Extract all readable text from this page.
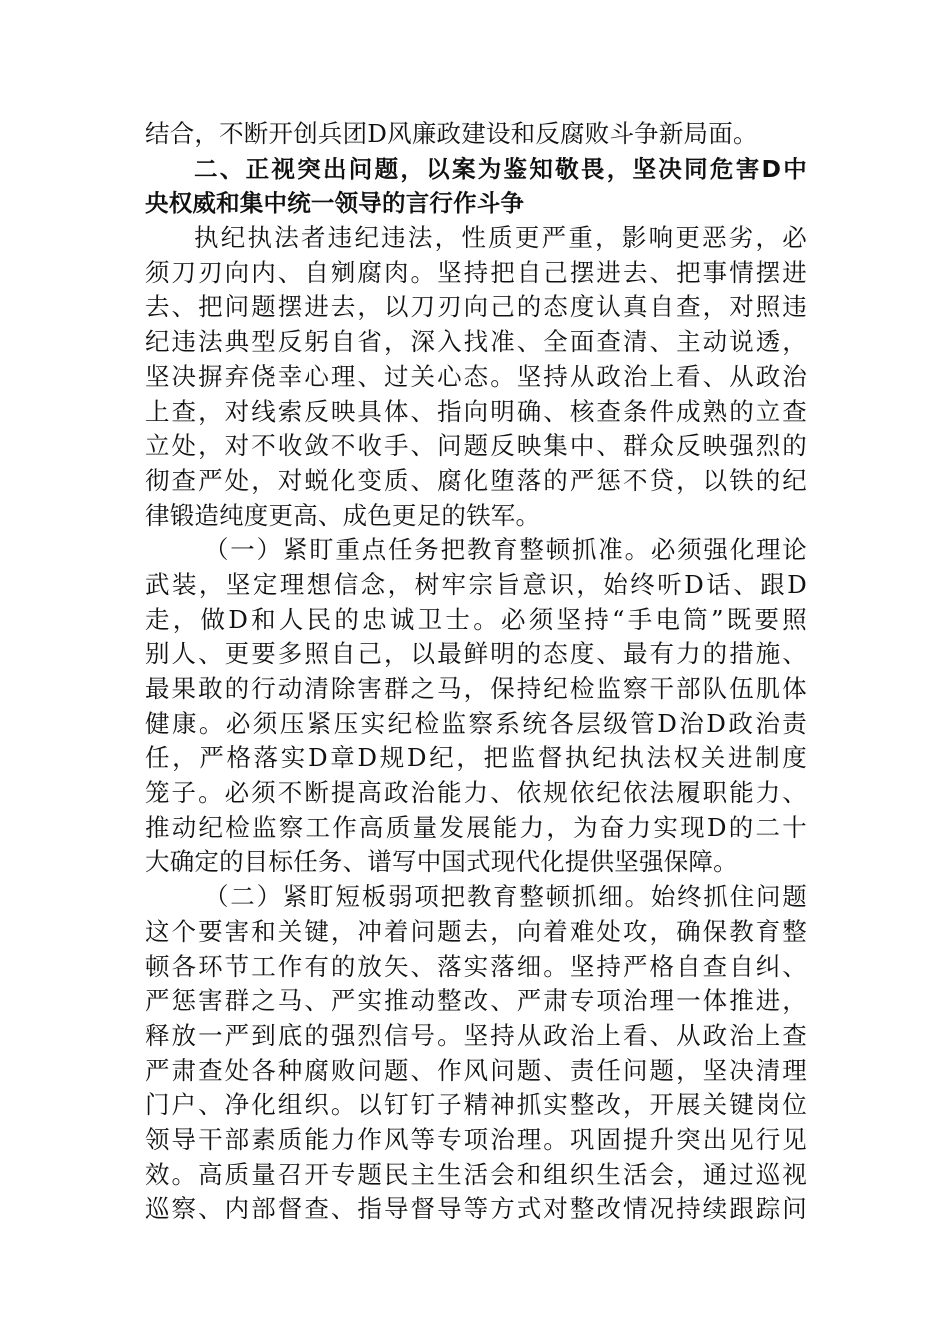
结合，不断开创兵团D风廉政建设和反腐败斗争新局面。
二、正视突出问题，以案为鉴知敬畏，坚决同危害D中
央权威和集中统一领导的言行作斗争
执纪执法者违纪违法，性质更严重，影响更恶劣，必
须刀刃向内、自剜腐肉。坚持把自己摆进去、把事情摆进
去、把问题摆进去，以刀刃向己的态度认真自查，对照违
纪违法典型反躬自省，深入找准、全面查清、主动说透，
坚决摒弃侥幸心理、过关心态。坚持从政治上看、从政治
上查，对线索反映具体、指向明确、核查条件成熟的立查
立处，对不收敛不收手、问题反映集中、群众反映强烈的
彻查严处，对蜕化变质、腐化堕落的严惩不贷，以铁的纪
律锻造纯度更高、成色更足的铁军。
（一）紧盯重点任务把教育整顿抓准。必须强化理论
武装，坚定理想信念，树牢宗旨意识，始终听D话、跟D
走，做D和人民的忠诚卫士。必须坚持“手电筒”既要照
别人、更要多照自己，以最鲜明的态度、最有力的措施、
最果敢的行动清除害群之马，保持纪检监察干部队伍肌体
健康。必须压紧压实纪检监察系统各层级管D治D政治责
任，严格落实D章D规D纪，把监督执纪执法权关进制度
笼子。必须不断提高政治能力、依规依纪依法履职能力、
推动纪检监察工作高质量发展能力，为奋力实现D的二十
大确定的目标任务、谱写中国式现代化提供坚强保障。
（二）紧盯短板弱项把教育整顿抓细。始终抓住问题
这个要害和关键，冲着问题去，向着难处攻，确保教育整
顿各环节工作有的放矢、落实落细。坚持严格自查自纠、
严惩害群之马、严实推动整改、严肃专项治理一体推进，
释放一严到底的强烈信号。坚持从政治上看、从政治上查
严肃查处各种腐败问题、作风问题、责任问题，坚决清理
门户、净化组织。以钉钉子精神抓实整改，开展关键岗位
领导干部素质能力作风等专项治理。巩固提升突出见行见
效。高质量召开专题民主生活会和组织生活会，通过巡视
巡察、内部督查、指导督导等方式对整改情况持续跟踪问
